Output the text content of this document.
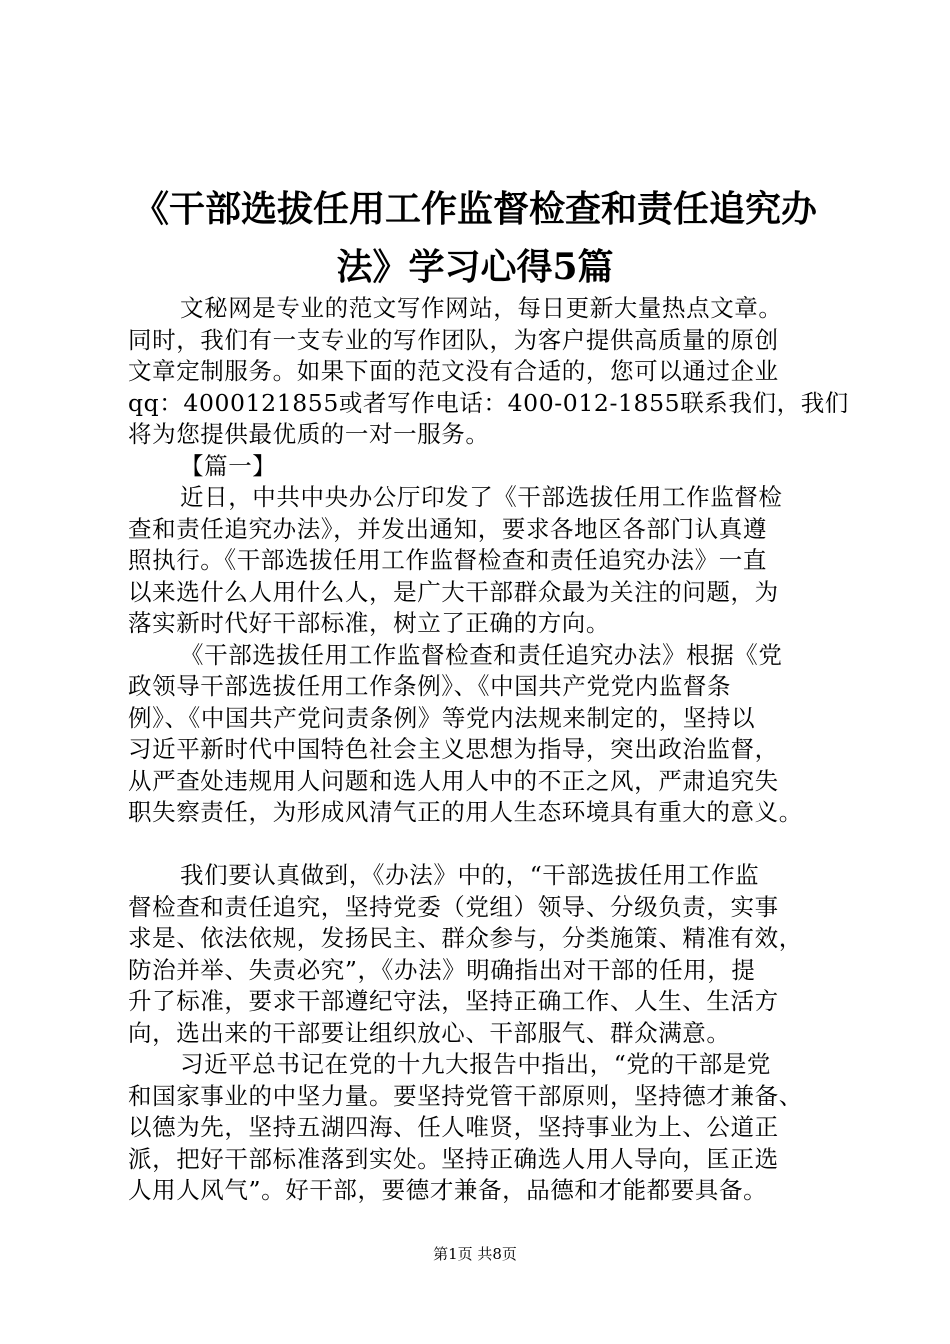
《干部选拔任用工作监督检查和责任追究办
法》学习心得5篇
文秘网是专业的范文写作网站，每日更新大量热点文章。
同时，我们有一支专业的写作团队，为客户提供高质量的原创
文章定制服务。如果下面的范文没有合适的，您可以通过企业
qq：4000121855或者写作电话：400-012-1855联系我们，我们
将为您提供最优质的一对一服务。
【篇一】
近日，中共中央办公厅印发了《干部选拔任用工作监督检
查和责任追究办法》，并发出通知，要求各地区各部门认真遵
照执行。《干部选拔任用工作监督检查和责任追究办法》一直
以来选什么人用什么人，是广大干部群众最为关注的问题，为
落实新时代好干部标准，树立了正确的方向。
《干部选拔任用工作监督检查和责任追究办法》根据《党
政领导干部选拔任用工作条例》、《中国共产党党内监督条
例》、《中国共产党问责条例》等党内法规来制定的，坚持以
习近平新时代中国特色社会主义思想为指导，突出政治监督，
从严查处违规用人问题和选人用人中的不正之风，严肃追究失
职失察责任，为形成风清气正的用人生态环境具有重大的意义。
我们要认真做到，《办法》中的，“干部选拔任用工作监
督检查和责任追究，坚持党委（党组）领导、分级负责，实事
求是、依法依规，发扬民主、群众参与，分类施策、精准有效，
防治并举、失责必究”，《办法》明确指出对干部的任用，提
升了标准，要求干部遵纪守法，坚持正确工作、人生、生活方
向，选出来的干部要让组织放心、干部服气、群众满意。
习近平总书记在党的十九大报告中指出，“党的干部是党
和国家事业的中坚力量。要坚持党管干部原则，坚持德才兼备、
以德为先，坚持五湖四海、任人唯贤，坚持事业为上、公道正
派，把好干部标准落到实处。坚持正确选人用人导向，匡正选
人用人风气”。好干部，要德才兼备，品德和才能都要具备。
第1页 共8页
